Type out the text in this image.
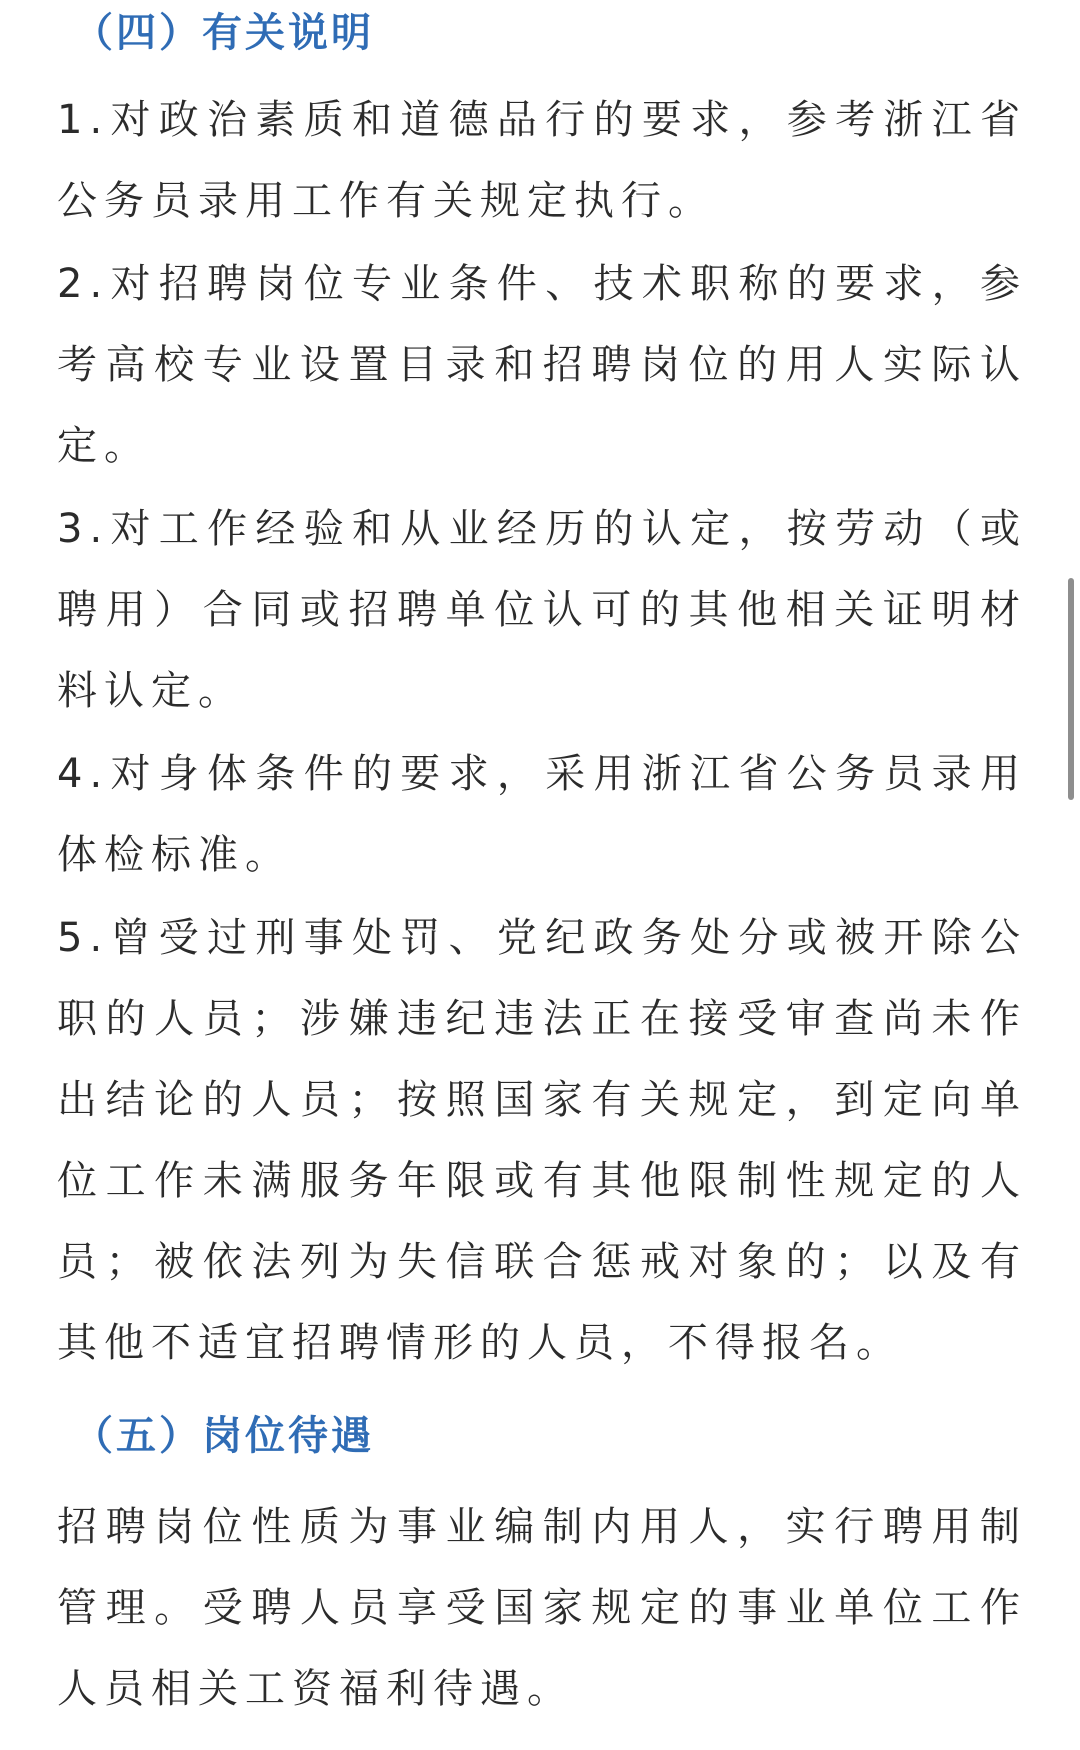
（四）有关说明

1.对政治素质和道德品行的要求，参考浙江省公务员录用工作有关规定执行。

2.对招聘岗位专业条件、技术职称的要求，参考高校专业设置目录和招聘岗位的用人实际认定。

3.对工作经验和从业经历的认定，按劳动（或聘用）合同或招聘单位认可的其他相关证明材料认定。

4.对身体条件的要求，采用浙江省公务员录用体检标准。

5.曾受过刑事处罚、党纪政务处分或被开除公职的人员；涉嫌违纪违法正在接受审查尚未作出结论的人员；按照国家有关规定，到定向单位工作未满服务年限或有其他限制性规定的人员；被依法列为失信联合惩戒对象的；以及有其他不适宜招聘情形的人员，不得报名。

（五）岗位待遇

招聘岗位性质为事业编制内用人，实行聘用制管理。受聘人员享受国家规定的事业单位工作人员相关工资福利待遇。
